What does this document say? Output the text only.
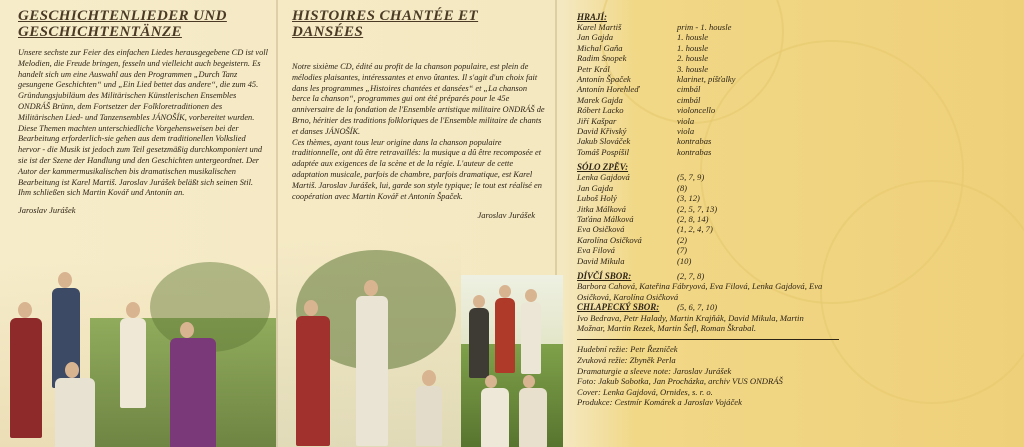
GESCHICHTENLIEDER UND GESCHICHTENTÄNZE

Unsere sechste zur Feier des einfachen Liedes herausgegebene CD ist voll Melodien, die Freude bringen, fesseln und vielleicht auch begeistern. Es handelt sich um eine Auswahl aus den Programmen „Durch Tanz gesungene Geschichten“ und „Ein Lied bettet das andere“, die zum 45. Gründungsjubiläum des Militärischen Künstlerischen Ensembles ONDRÁŠ Brünn, dem Fortsetzer der Folkloretraditionen des Militärischen Lied- und Tanzensembles JÁNOŠÍK, vorbereitet wurden.

Diese Themen machten unterschiedliche Vorgehensweisen bei der Bearbeitung erforderlich-sie gehen aus dem traditionellen Volkslied hervor - die Musik ist jedoch zum Teil gesetzmäßig durchkomponiert und sie ist der Szene der Handlung und den Geschichten untergeordnet. Der Autor der kammermusikalischen bis dramatischen musikalischen Bearbeitung ist Karel Martiš. Jaroslav Jurášek beläßt sich seinen Stil. Ihm schließen sich Martin Kovář und Antonín an.

Jaroslav Jurášek
HISTOIRES CHANTÉE ET DANSÉES

Notre sixième CD, édité au profit de la chanson populaire, est plein de mélodies plaisantes, intéressantes et envo ûtantes. Il s'agit d'un choix fait dans les programmes „Histoires chantées et dansées“ et „La chanson berce la chanson“, programmes gui ont été préparés pour le 45e anniversaire de la fondation de l'Ensemble artistique militaire ONDRÁŠ de Brno, héritier des traditions folkloriques de l'Ensemble militaire de chants et danses JÁNOŠÍK.

Ces thèmes, ayant tous leur origine dans la chanson populaire traditionnelle, ont dû être retravaillés: la musique a dû être recomposée et adaptée aux exigences de la scène et de la régie. L'auteur de cette adaptation musicale, parfois de chambre, parfois dramatique, est Karel Martiš. Jaroslav Jurášek, lui, garde son style typique; le tout est réalisé en coopération avec Martin Kovář et Antonín Špaček.

Jaroslav Jurášek
HRAJÍ:
Karel Martiš	prim - 1. housle
Jan Gajda	1. housle
Michal Gaňa	1. housle
Radim Snopek	2. housle
Petr Král	3. housle
Antonín Špaček	klarinet, píšťalky
Antonín Horehleď	cimbál
Marek Gajda	cimbál
Róbert Lacko	violoncello
Jiří Kašpar	viola
David Křivský	viola
Jakub Slováček	kontrabas
Tomáš Pospíšil	kontrabas
SÓLO ZPĚV:
Lenka Gajdová	(5, 7, 9)
Jan Gajda	(8)
Luboš Holý	(3, 12)
Jitka Málková	(2, 5, 7, 13)
Taťána Málková	(2, 8, 14)
Eva Osičková	(1, 2, 4, 7)
Karolína Osičková	(2)
Eva Filová	(7)
David Mikula	(10)
DÍVČÍ SBOR:	(2, 7, 8)
Barbora Cahová, Kateřina Fábryová, Eva Filová, Lenka Gajdová, Eva Osičková, Karolína Osičková
CHLAPECKÝ SBOR:	(5, 6, 7, 10)
Ivo Bedrava, Petr Halady, Martin Krajňák, David Mikula, Martin Možnar, Martin Rezek, Martin Šefl, Roman Škrabal.
Hudební režie: Petr Řezníček
Zvuková režie: Zbyněk Perla
Dramaturgie a sleeve note: Jaroslav Jurášek
Foto: Jakub Sobotka, Jan Procházka, archiv VUS ONDRÁŠ
Cover: Lenka Gajdová, Ornides, s. r. o.
Produkce: Cestmír Komárek a Jaroslav Vojáček
